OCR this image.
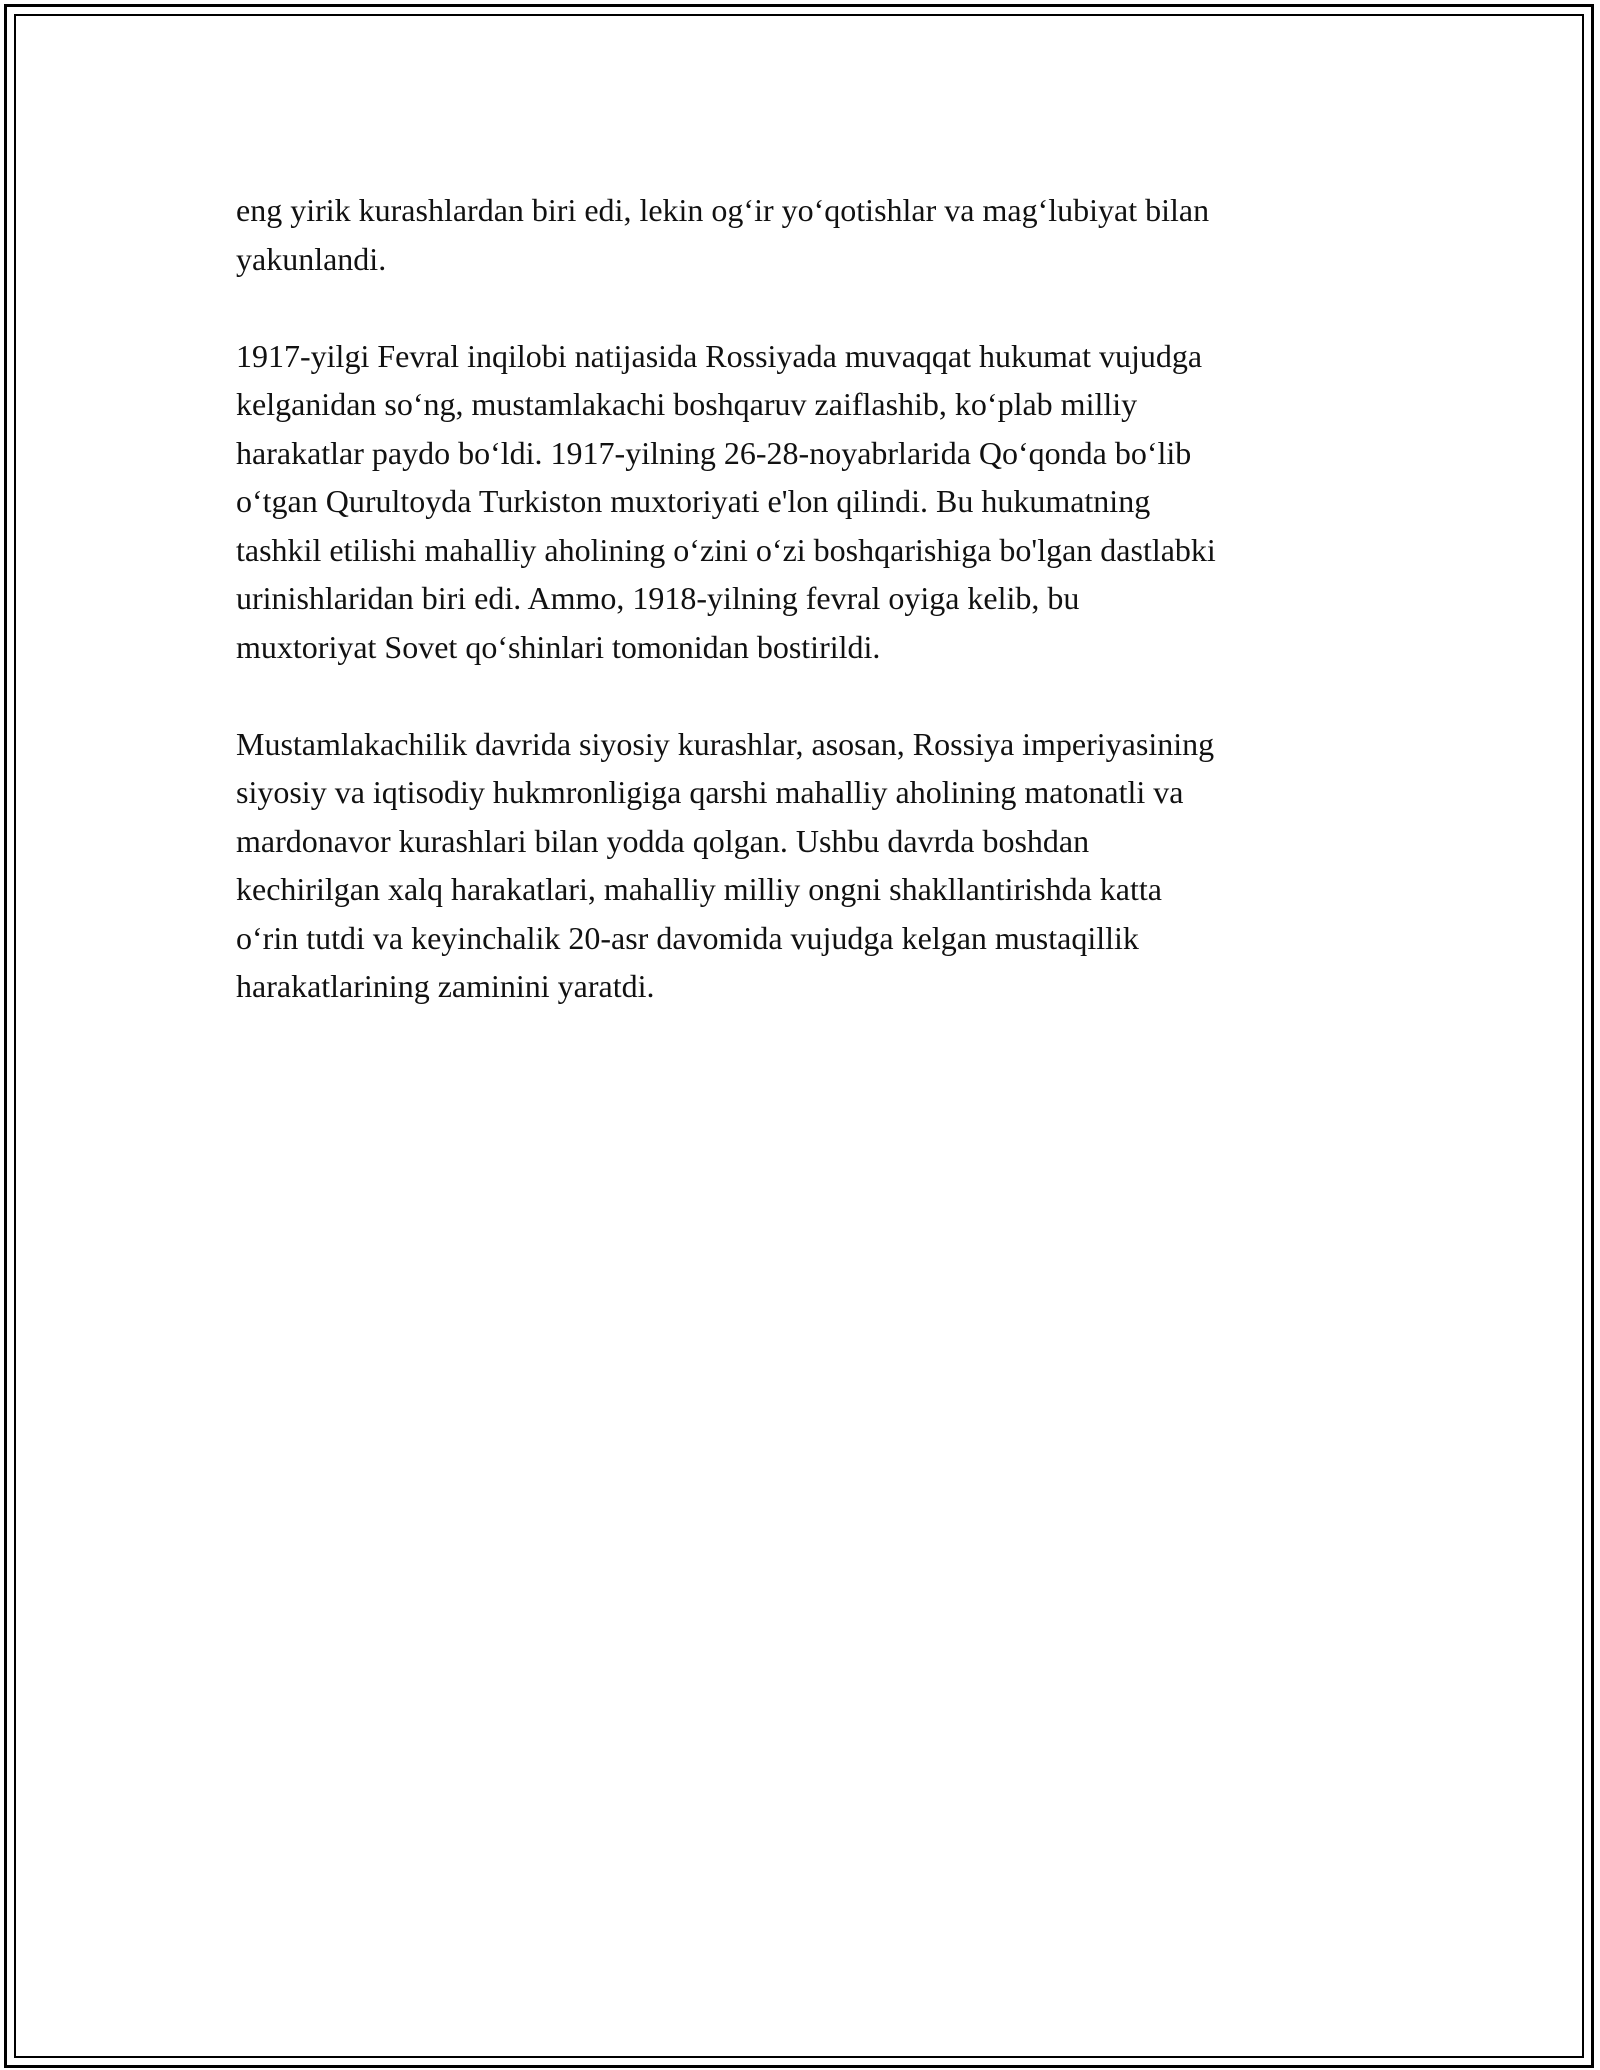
eng yirik kurashlardan biri edi, lekin og‘ir yo‘qotishlar va mag‘lubiyat bilan
yakunlandi.

1917-yilgi Fevral inqilobi natijasida Rossiyada muvaqqat hukumat vujudga
kelganidan so‘ng, mustamlakachi boshqaruv zaiflashib, ko‘plab milliy
harakatlar paydo bo‘ldi. 1917-yilning 26-28-noyabrlarida Qo‘qonda bo‘lib
o‘tgan Qurultoyda Turkiston muxtoriyati e'lon qilindi. Bu hukumatning
tashkil etilishi mahalliy aholining o‘zini o‘zi boshqarishiga bo'lgan dastlabki
urinishlaridan biri edi. Ammo, 1918-yilning fevral oyiga kelib, bu
muxtoriyat Sovet qo‘shinlari tomonidan bostirildi.

Mustamlakachilik davrida siyosiy kurashlar, asosan, Rossiya imperiyasining
siyosiy va iqtisodiy hukmronligiga qarshi mahalliy aholining matonatli va
mardonavor kurashlari bilan yodda qolgan. Ushbu davrda boshdan
kechirilgan xalq harakatlari, mahalliy milliy ongni shakllantirishda katta
o‘rin tutdi va keyinchalik 20-asr davomida vujudga kelgan mustaqillik
harakatlarining zaminini yaratdi.
